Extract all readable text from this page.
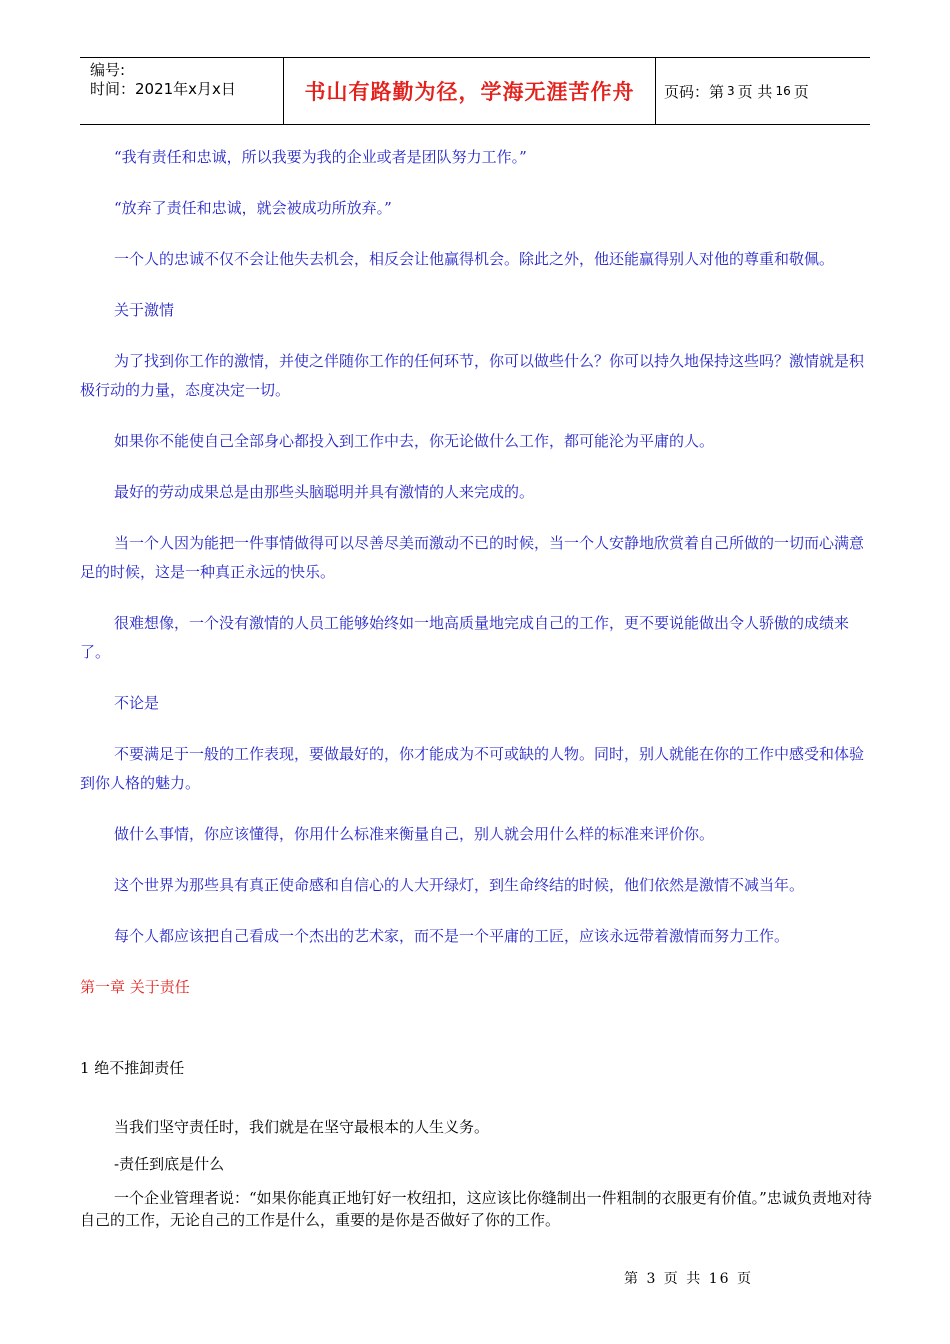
编号:
时间：2021年x月x日	书山有路勤为径，学海无涯苦作舟	页码：第 3 页 共 16 页

“我有责任和忠诚，所以我要为我的企业或者是团队努力工作。”

“放弃了责任和忠诚，就会被成功所放弃。”

一个人的忠诚不仅不会让他失去机会，相反会让他赢得机会。除此之外，他还能赢得别人对他的尊重和敬佩。

关于激情

为了找到你工作的激情，并使之伴随你工作的任何环节，你可以做些什么？你可以持久地保持这些吗？激情就是积极行动的力量，态度决定一切。

如果你不能使自己全部身心都投入到工作中去，你无论做什么工作，都可能沦为平庸的人。

最好的劳动成果总是由那些头脑聪明并具有激情的人来完成的。

当一个人因为能把一件事情做得可以尽善尽美而激动不已的时候，当一个人安静地欣赏着自己所做的一切而心满意足的时候，这是一种真正永远的快乐。

很难想像，一个没有激情的人员工能够始终如一地高质量地完成自己的工作，更不要说能做出令人骄傲的成绩来了。

不论是

不要满足于一般的工作表现，要做最好的，你才能成为不可或缺的人物。同时，别人就能在你的工作中感受和体验到你人格的魅力。

做什么事情，你应该懂得，你用什么标准来衡量自己，别人就会用什么样的标准来评价你。

这个世界为那些具有真正使命感和自信心的人大开绿灯，到生命终结的时候，他们依然是激情不减当年。

每个人都应该把自己看成一个杰出的艺术家，而不是一个平庸的工匠，应该永远带着激情而努力工作。

第一章 关于责任

1 绝不推卸责任

当我们坚守责任时，我们就是在坚守最根本的人生义务。

-责任到底是什么

一个企业管理者说：“如果你能真正地钉好一枚纽扣，这应该比你缝制出一件粗制的衣服更有价值。”忠诚负责地对待自己的工作，无论自己的工作是什么，重要的是你是否做好了你的工作。

第 3 页 共 16 页
